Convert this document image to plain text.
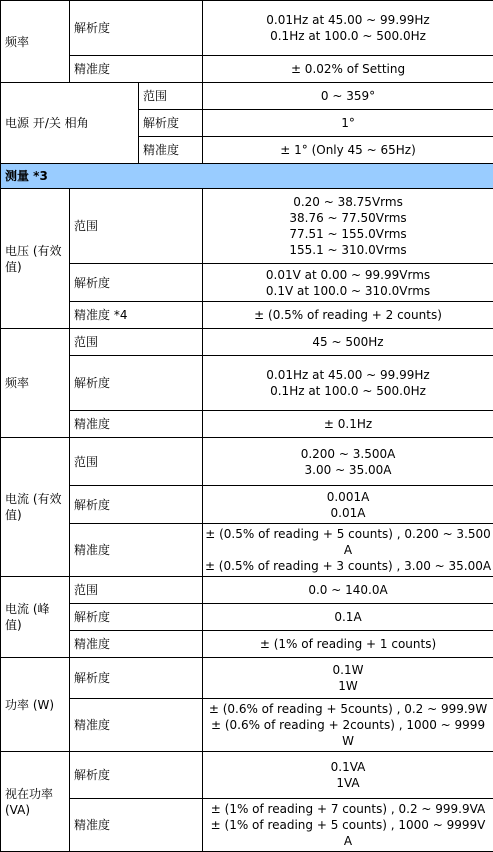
频率	解析度		0.01Hz at 45.00 ~ 99.99Hz
0.1Hz at 100.0 ~ 500.0Hz

	精准度		± 0.02% of Setting

电源 开/关 相角		范围	0 ~ 359°

		解析度	1°

		精准度	± 1° (Only 45 ~ 65Hz)

测量 *3			
电压 (有效值)	范围		0.20 ~ 38.75Vrms
38.76 ~ 77.50Vrms
77.51 ~ 155.0Vrms
155.1 ~ 310.0Vrms

	解析度		0.01V at 0.00 ~ 99.99Vrms
0.1V at 100.0 ~ 310.0Vrms

	精准度 *4		± (0.5% of reading + 2 counts)

频率	范围		45 ~ 500Hz

	解析度		0.01Hz at 45.00 ~ 99.99Hz
0.1Hz at 100.0 ~ 500.0Hz

	精准度		± 0.1Hz

电流 (有效值)	范围		0.200 ~ 3.500A
3.00 ~ 35.00A

	解析度		0.001A
0.01A

	精准度		± (0.5% of reading + 5 counts) , 0.200 ~ 3.500A
± (0.5% of reading + 3 counts) , 3.00 ~ 35.00A

电流 (峰值)	范围		0.0 ~ 140.0A

	解析度		0.1A

	精准度		± (1% of reading + 1 counts)

功率 (W)	解析度		0.1W
1W

	精准度		± (0.6% of reading + 5counts) , 0.2 ~ 999.9W
± (0.6% of reading + 2counts) , 1000 ~ 9999W

视在功率 (VA)	解析度		0.1VA
1VA

	精准度		± (1% of reading + 7 counts) , 0.2 ~ 999.9VA
± (1% of reading + 5 counts) , 1000 ~ 9999VA
